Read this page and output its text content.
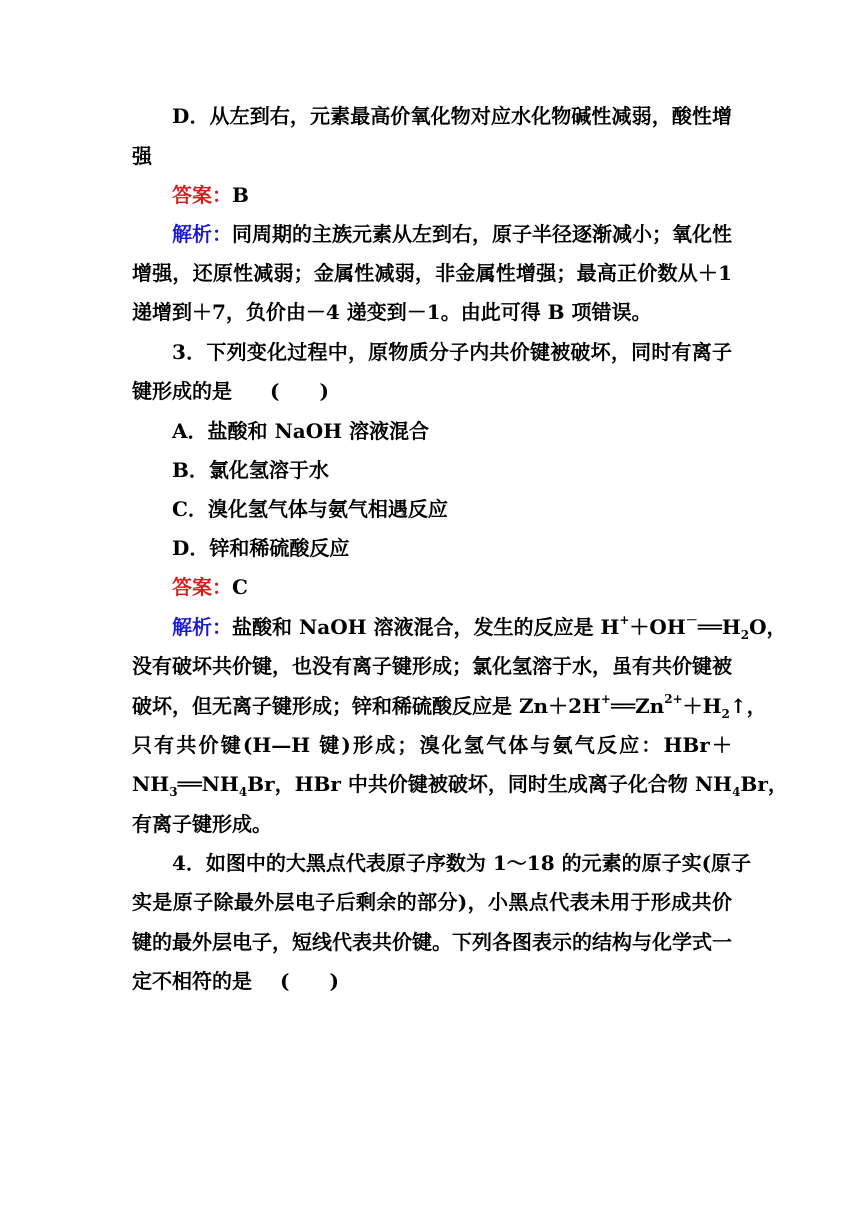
D．从左到右，元素最高价氧化物对应水化物碱性减弱，酸性增
强
答案：B
解析：同周期的主族元素从左到右，原子半径逐渐减小；氧化性
增强，还原性减弱；金属性减弱，非金属性增强；最高正价数从＋1
递增到＋7，负价由－4 递变到－1。由此可得 B 项错误。
3．下列变化过程中，原物质分子内共价键被破坏，同时有离子
键形成的是 (　　)
A．盐酸和 NaOH 溶液混合
B．氯化氢溶于水
C．溴化氢气体与氨气相遇反应
D．锌和稀硫酸反应
答案：C
解析：盐酸和 NaOH 溶液混合，发生的反应是 $H^++OH^-══H_2O$，
没有破坏共价键，也没有离子键形成；氯化氢溶于水，虽有共价键被
破坏，但无离子键形成；锌和稀硫酸反应是 $Zn+2H^+══Zn^{2+}+H_2↑$，
只有共价键(H—H 键)形成；溴化氢气体与氨气反应：HBr＋
$NH_3══NH_4Br$，HBr 中共价键被破坏，同时生成离子化合物 $NH_4Br$，
有离子键形成。
4．如图中的大黑点代表原子序数为 1～18 的元素的原子实(原子
实是原子除最外层电子后剩余的部分)，小黑点代表未用于形成共价
键的最外层电子，短线代表共价键。下列各图表示的结构与化学式一
定不相符的是 (　　)
